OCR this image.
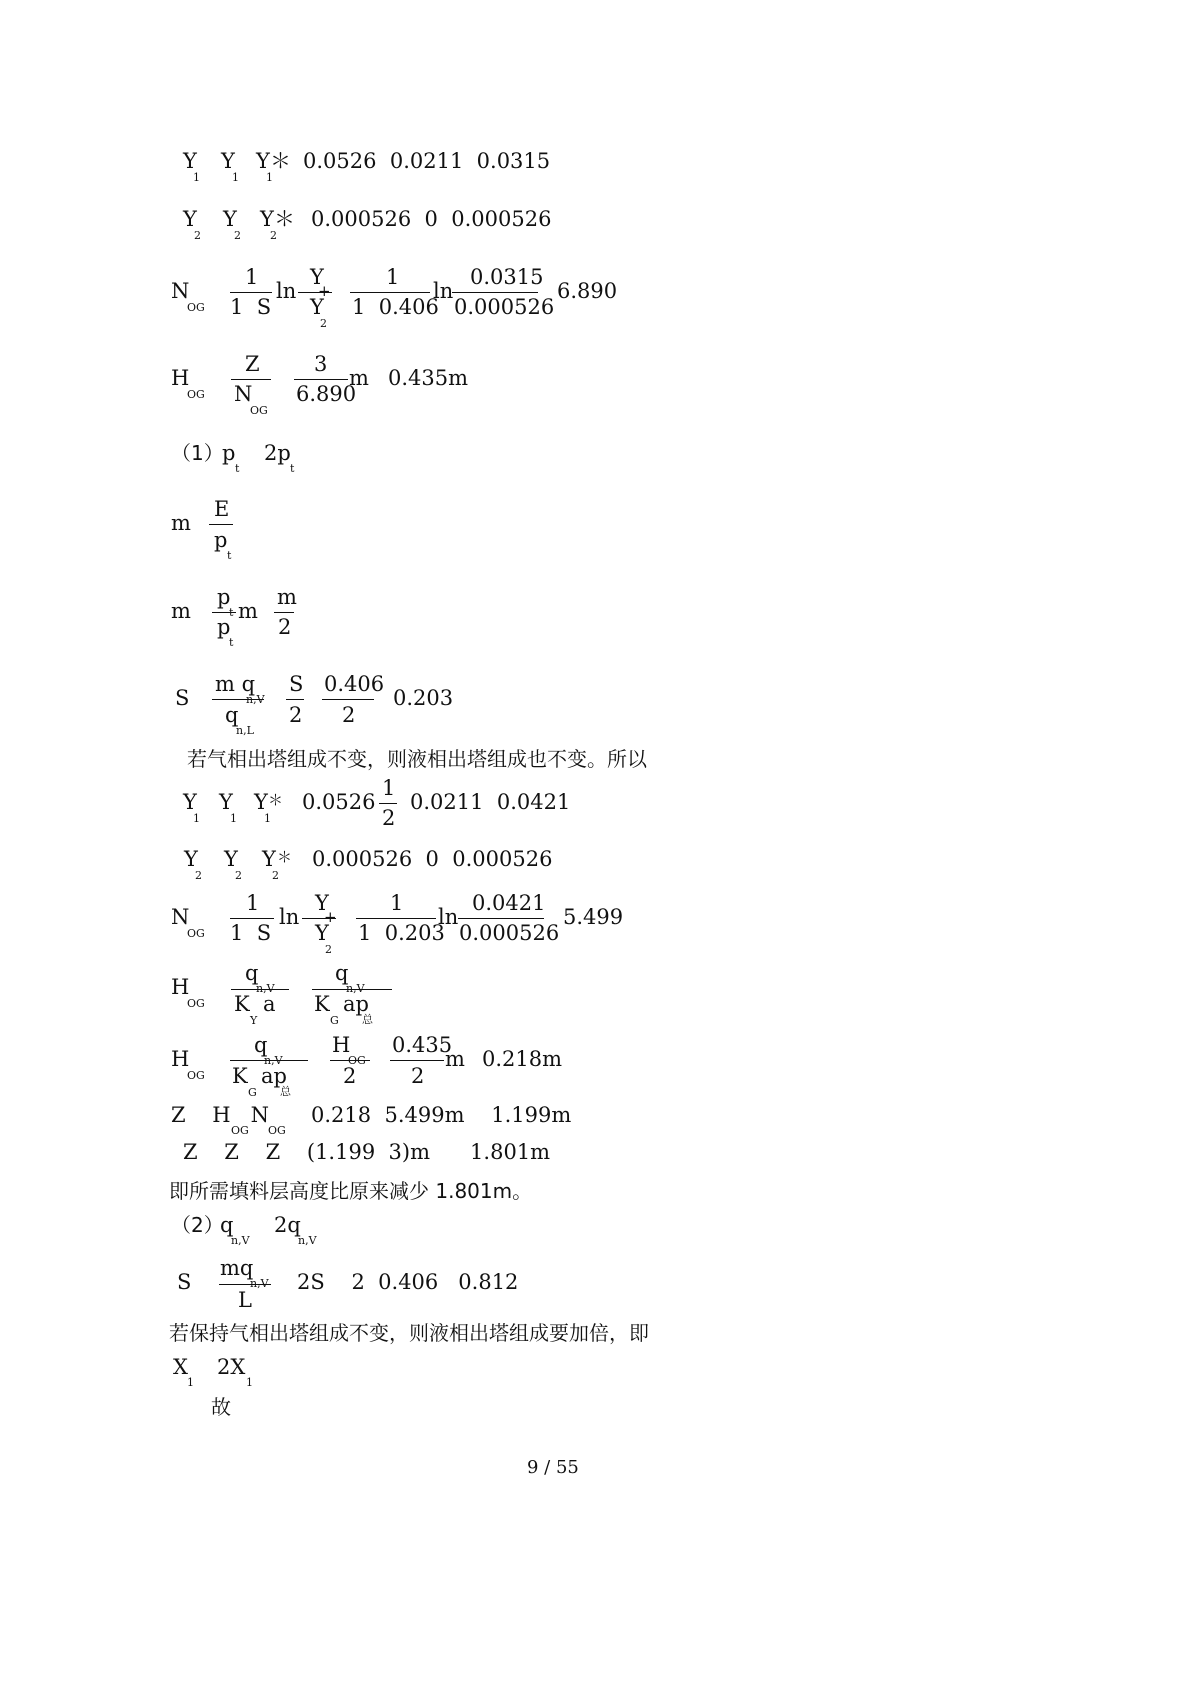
Y
1
Y
1
Y
1
＊ 0.0526  0.0211  0.0315
Y
2
Y
2
Y
2
＊ 0.000526  0  0.000526
N
OG
1
1  S
ln
Y
+
Y
2
1
1  0.406
ln
0.0315
0.000526
6.890
H
OG
Z
N
OG
3
6.890
m 0.435m
（1）
p
t
2p
t
m
E
p
t
m
p
t
p
t
m
m
2
S
m q
n,V
q
n,L
S
2
0.406
2
0.203
若气相出塔组成不变，则液相出塔组成也不变。所以
Y
1
Y
1
Y
1
＊ 0.0526
1
2
0.0211  0.0421
Y
2
Y
2
Y
2
＊ 0.000526  0  0.000526
N
OG
1
1  S
ln
Y
+
Y
2
1
1  0.203
ln
0.0421
0.000526
5.499
H
OG
q
n,V
K  a
Y
q
n,V
K  ap
G 总
H
OG
q
n,V
K  ap
G 总
H
OG
2
0.435
2
m 0.218m
Z    H   N
OG OG
0.218  5.499m    1.199m
Z    Z    Z    (1.199  3)m      1.801m
即所需填料层高度比原来减少 1.801m。
（2）
q
n,V
2q
n,V
S
mq
n,V
L
2S    2  0.406   0.812
若保持气相出塔组成不变，则液相出塔组成要加倍，即
X
1
2X
1
故
9 / 55
